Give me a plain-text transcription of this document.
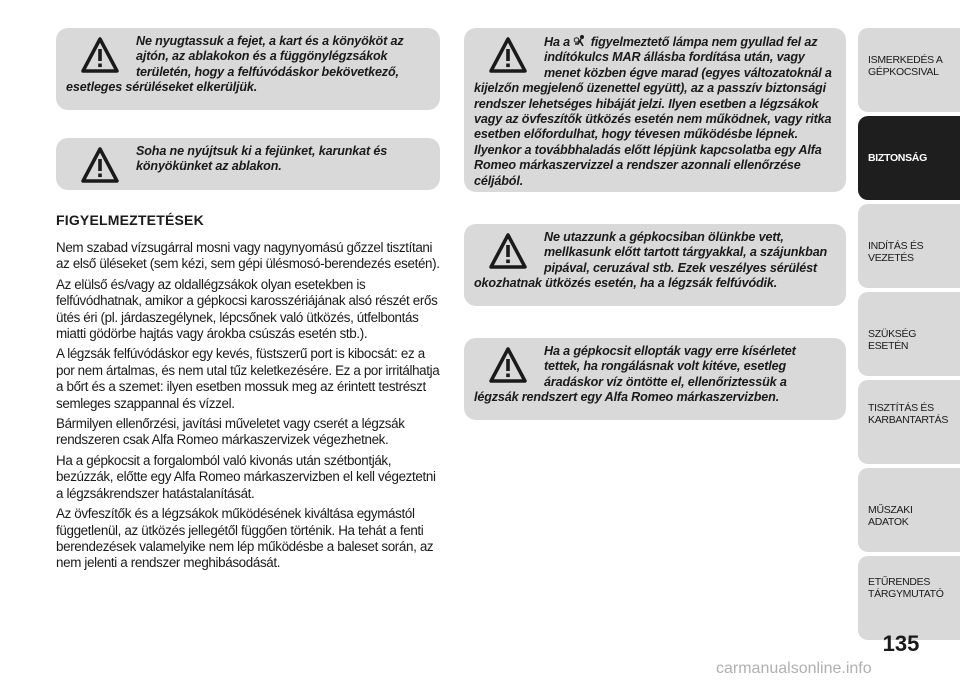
Ne nyugtassuk a fejet, a kart és a könyököt az ajtón, az ablakokon és a függönylégzsákok területén, hogy a felfúvódáskor bekövetkező, esetleges sérüléseket elkerüljük.
Soha ne nyújtsuk ki a fejünket, karunkat és könyökünket az ablakon.
FIGYELMEZTETÉSEK

Nem szabad vízsugárral mosni vagy nagynyomású gőzzel tisztítani az első üléseket (sem kézi, sem gépi ülésmosó-berendezés esetén).

Az elülső és/vagy az oldallégzsákok olyan esetekben is felfúvódhatnak, amikor a gépkocsi karosszériájának alsó részét erős ütés éri (pl. járdaszegélynek, lépcsőnek való ütközés, útfelbontás miatti gödörbe hajtás vagy árokba csúszás esetén stb.).

A légzsák felfúvódáskor egy kevés, füstszerű port is kibocsát: ez a por nem ártalmas, és nem utal tűz keletkezésére. Ez a por irritálhatja a bőrt és a szemet: ilyen esetben mossuk meg az érintett testrészt semleges szappannal és vízzel.

Bármilyen ellenőrzési, javítási műveletet vagy cserét a légzsák rendszeren csak Alfa Romeo márkaszervizek végezhetnek.

Ha a gépkocsit a forgalomból való kivonás után szétbontják, bezúzzák, előtte egy Alfa Romeo márkaszervizben el kell végeztetni a légzsákrendszer hatástalanítását.

Az övfeszítők és a légzsákok működésének kiváltása egymástól függetlenül, az ütközés jellegétől függően történik. Ha tehát a fenti berendezések valamelyike nem lép működésbe a baleset során, az nem jelenti a rendszer meghibásodását.

Ha a figyelmeztető lámpa nem gyullad fel az indítókulcs MAR állásba fordítása után, vagy menet közben égve marad (egyes változatoknál a kijelzőn megjelenő üzenettel együtt), az a passzív biztonsági rendszer lehetséges hibáját jelzi. Ilyen esetben a légzsákok vagy az övfeszítők ütközés esetén nem működnek, vagy ritka esetben előfordulhat, hogy tévesen működésbe lépnek. Ilyenkor a továbbhaladás előtt lépjünk kapcsolatba egy Alfa Romeo márkaszervizzel a rendszer azonnali ellenőrzése céljából.
Ne utazzunk a gépkocsiban ölünkbe vett, mellkasunk előtt tartott tárgyakkal, a szájunkban pipával, ceruzával stb. Ezek veszélyes sérülést okozhatnak ütközés esetén, ha a légzsák felfúvódik.
Ha a gépkocsit ellopták vagy erre kísérletet tettek, ha rongálásnak volt kitéve, esetleg áradáskor víz öntötte el, ellenőriztessük a légzsák rendszert egy Alfa Romeo márkaszervizben.
ISMERKEDÉS A GÉPKOCSIVAL
BIZTONSÁG
INDÍTÁS ÉS VEZETÉS
SZÜKSÉG ESETÉN
TISZTÍTÁS ÉS KARBANTARTÁS
MŰSZAKI ADATOK
ETŰRENDES TÁRGYMUTATÓ
135
carmanualsonline.info
